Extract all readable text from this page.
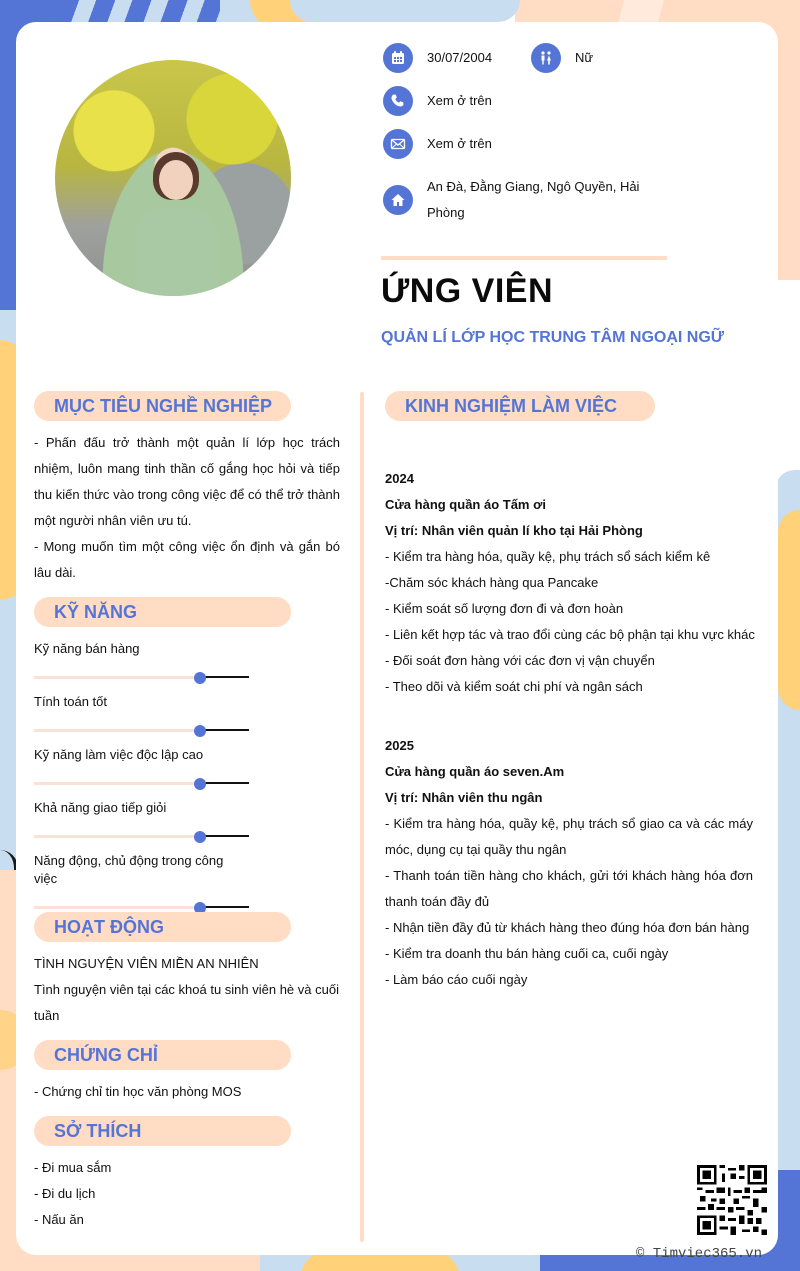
30/07/2004	Nữ
Xem ở trên
Xem ở trên
An Đà, Đằng Giang, Ngô Quyền, Hải
Phòng
ỨNG VIÊN
QUẢN LÍ LỚP HỌC TRUNG TÂM NGOẠI NGỮ
MỤC TIÊU NGHỀ NGHIỆP
- Phấn đấu trở thành một quản lí lớp học trách nhiệm, luôn mang tinh thần cố gắng học hỏi và tiếp thu kiến thức vào trong công việc để có thể trở thành một người nhân viên ưu tú.
- Mong muốn tìm một công việc ổn định và gắn bó lâu dài.
KỸ NĂNG
Kỹ năng bán hàng
Tính toán tốt
Kỹ năng làm việc độc lập cao
Khả năng giao tiếp giỏi
Năng động, chủ động trong công việc
HOẠT ĐỘNG
TÌNH NGUYỆN VIÊN MIỀN AN NHIÊN
Tình nguyện viên tại các khoá tu sinh viên hè và cuối tuần
CHỨNG CHỈ
- Chứng chỉ tin học văn phòng MOS
SỞ THÍCH
- Đi mua sắm
- Đi du lịch
- Nấu ăn
KINH NGHIỆM LÀM VIỆC
2024
Cửa hàng quần áo Tấm ơi
Vị trí: Nhân viên quản lí kho tại Hải Phòng
- Kiểm tra hàng hóa, quầy kệ, phụ trách sổ sách kiểm kê
-Chăm sóc khách hàng qua Pancake
- Kiểm soát số lượng đơn đi và đơn hoàn
- Liên kết hợp tác và trao đổi cùng các bộ phận tại khu vực khác
- Đối soát đơn hàng với các đơn vị vận chuyển
- Theo dõi và kiểm soát chi phí và ngân sách
2025
Cửa hàng quần áo seven.Am
Vị trí: Nhân viên thu ngân
- Kiểm tra hàng hóa, quầy kệ, phụ trách sổ giao ca và các máy móc, dụng cụ tại quầy thu ngân
- Thanh toán tiền hàng cho khách, gửi tới khách hàng hóa đơn thanh toán đầy đủ
- Nhận tiền đầy đủ từ khách hàng theo đúng hóa đơn bán hàng
- Kiểm tra doanh thu bán hàng cuối ca, cuối ngày
- Làm báo cáo cuối ngày
© Timviec365.vn
